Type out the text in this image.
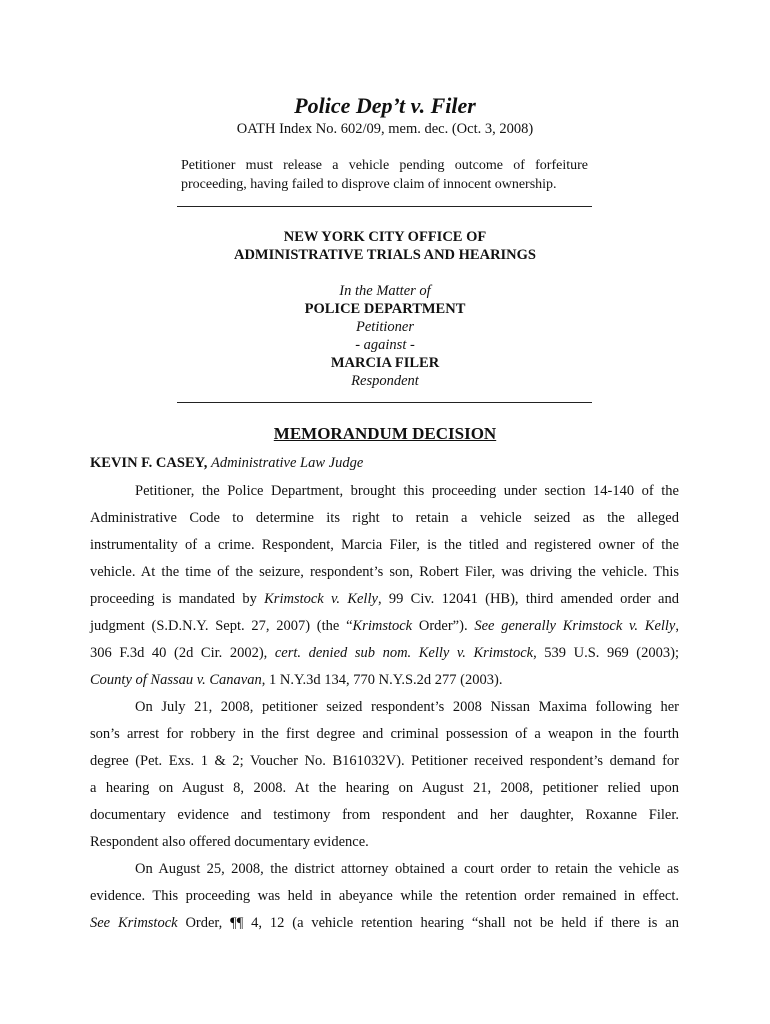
Police Dep’t v. Filer
OATH Index No. 602/09, mem. dec. (Oct. 3, 2008)
Petitioner must release a vehicle pending outcome of forfeiture proceeding, having failed to disprove claim of innocent ownership.
NEW YORK CITY OFFICE OF
ADMINISTRATIVE TRIALS AND HEARINGS
In the Matter of
POLICE DEPARTMENT
Petitioner
- against -
MARCIA FILER
Respondent
MEMORANDUM DECISION
KEVIN F. CASEY, Administrative Law Judge
Petitioner, the Police Department, brought this proceeding under section 14-140 of the
Administrative Code to determine its right to retain a vehicle seized as the alleged
instrumentality of a crime. Respondent, Marcia Filer, is the titled and registered owner of the
vehicle. At the time of the seizure, respondent’s son, Robert Filer, was driving the vehicle. This
proceeding is mandated by Krimstock v. Kelly, 99 Civ. 12041 (HB), third amended order and
judgment (S.D.N.Y. Sept. 27, 2007) (the “Krimstock Order”). See generally Krimstock v. Kelly,
306 F.3d 40 (2d Cir. 2002), cert. denied sub nom. Kelly v. Krimstock, 539 U.S. 969 (2003);
County of Nassau v. Canavan, 1 N.Y.3d 134, 770 N.Y.S.2d 277 (2003).
On July 21, 2008, petitioner seized respondent’s 2008 Nissan Maxima following her
son’s arrest for robbery in the first degree and criminal possession of a weapon in the fourth
degree (Pet. Exs. 1 & 2; Voucher No. B161032V). Petitioner received respondent’s demand for
a hearing on August 8, 2008. At the hearing on August 21, 2008, petitioner relied upon
documentary evidence and testimony from respondent and her daughter, Roxanne Filer.
Respondent also offered documentary evidence.
On August 25, 2008, the district attorney obtained a court order to retain the vehicle as
evidence. This proceeding was held in abeyance while the retention order remained in effect.
See Krimstock Order, ¶¶ 4, 12 (a vehicle retention hearing “shall not be held if there is an
